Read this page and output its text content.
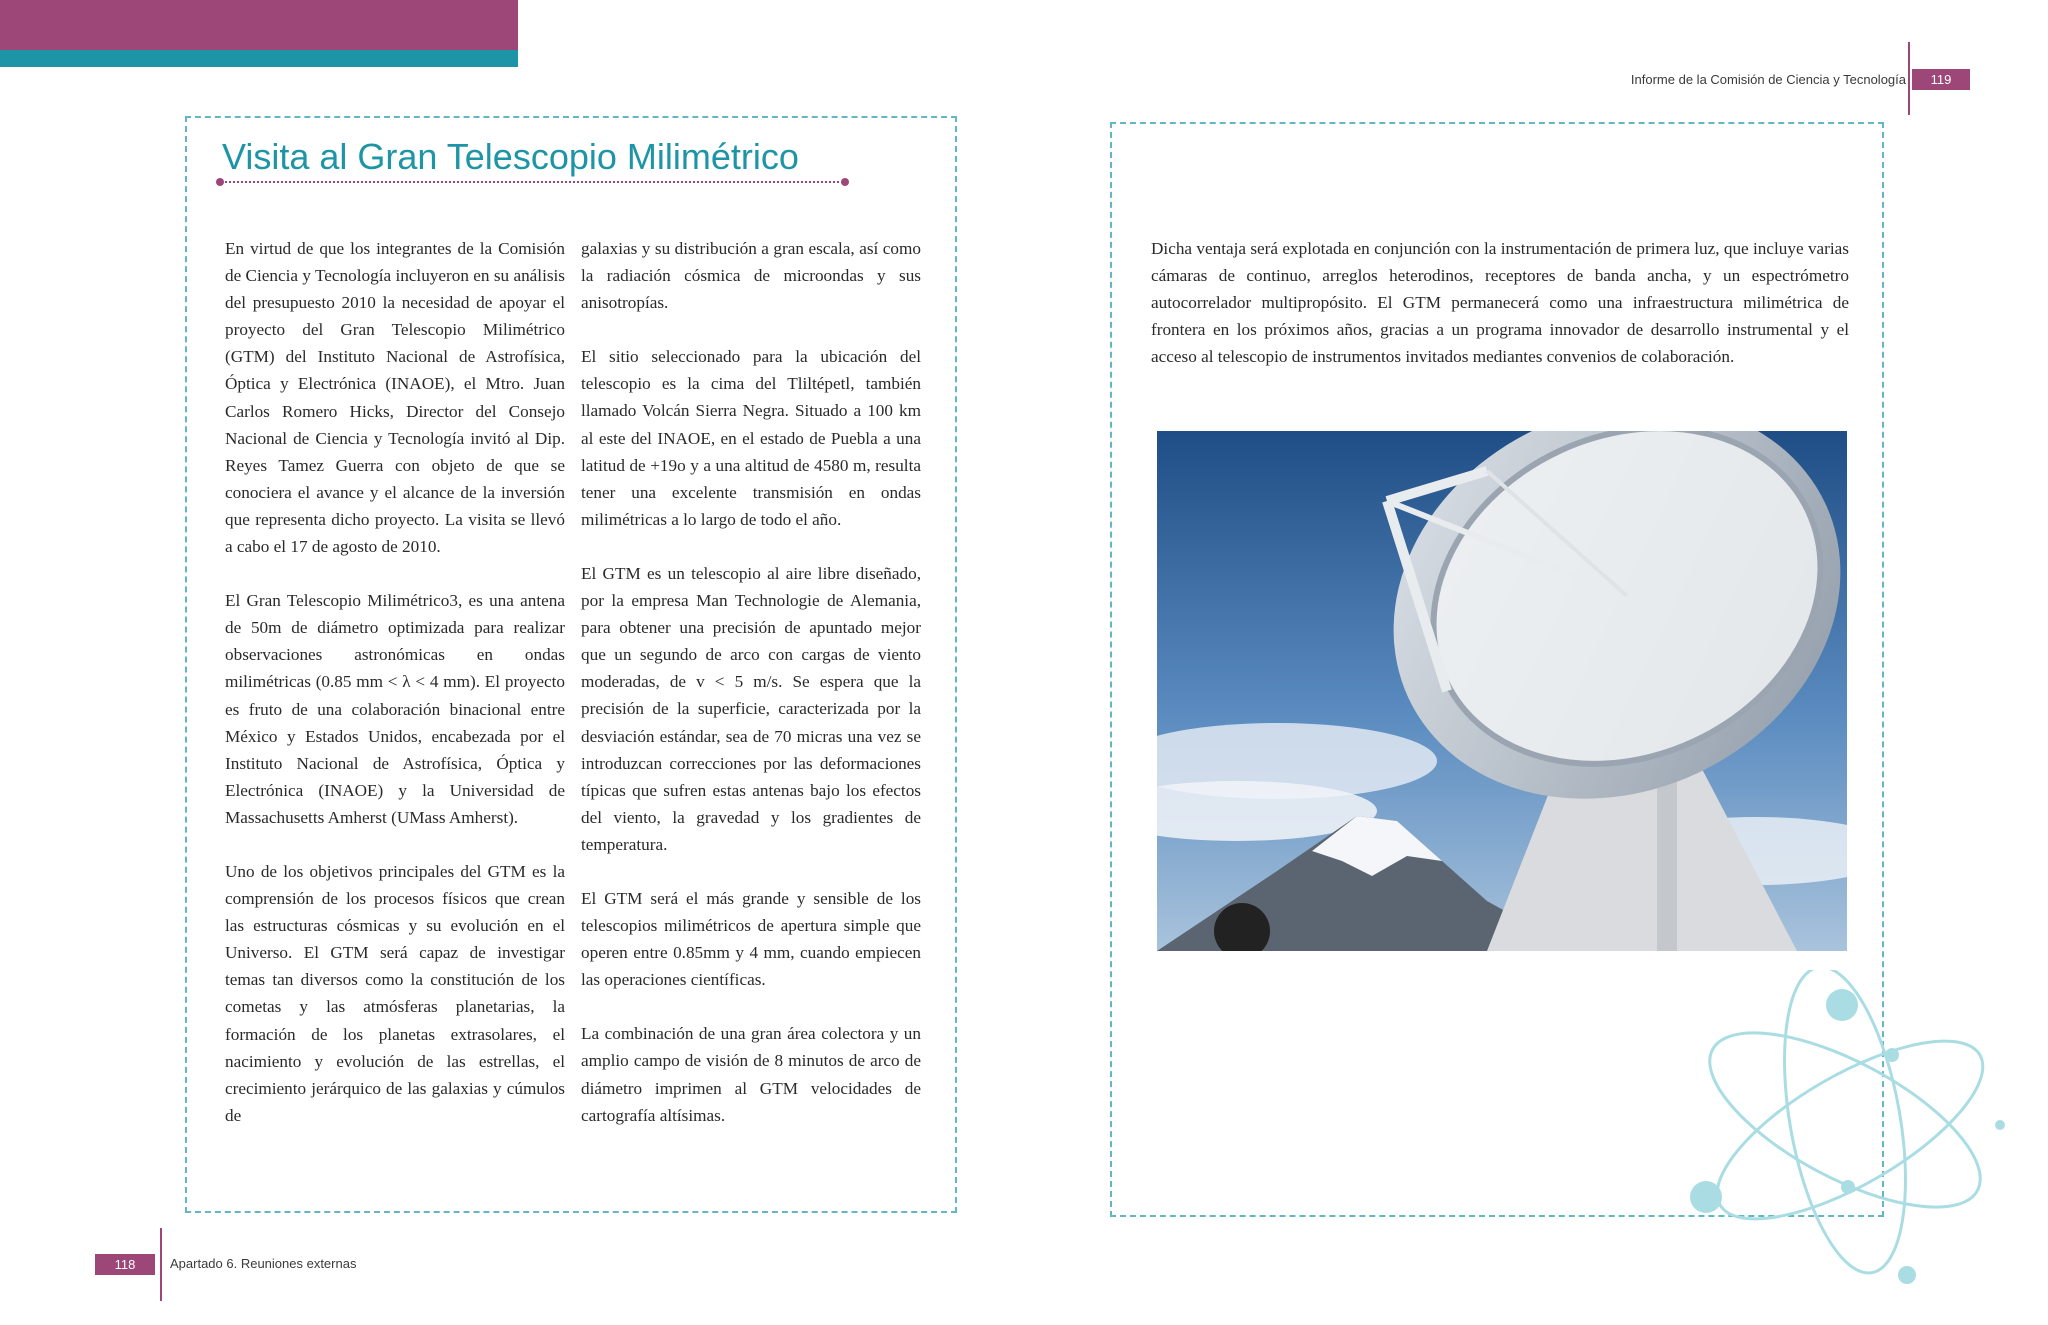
Informe de la Comisión de Ciencia y Tecnología	119
Visita al Gran Telescopio Milimétrico

En virtud de que los integrantes de la Comisión de Ciencia y Tecnología incluyeron en su análisis del presupuesto 2010 la necesidad de apoyar el proyecto del Gran Telescopio Milimétrico (GTM) del Instituto Nacional de Astrofísica, Óptica y Electrónica (INAOE), el Mtro. Juan Carlos Romero Hicks, Director del Consejo Nacional de Ciencia y Tecnología invitó al Dip. Reyes Tamez Guerra con objeto de que se conociera el avance y el alcance de la inversión que representa dicho proyecto. La visita se llevó a cabo el 17 de agosto de 2010.

El Gran Telescopio Milimétrico3, es una antena de 50m de diámetro optimizada para realizar observaciones astronómicas en ondas milimétricas (0.85 mm < λ < 4 mm). El proyecto es fruto de una colaboración binacional entre México y Estados Unidos, encabezada por el Instituto Nacional de Astrofísica, Óptica y Electrónica (INAOE) y la Universidad de Massachusetts Amherst (UMass Amherst).

Uno de los objetivos principales del GTM es la comprensión de los procesos físicos que crean las estructuras cósmicas y su evolución en el Universo. El GTM será capaz de investigar temas tan diversos como la constitución de los cometas y las atmósferas planetarias, la formación de los planetas extrasolares, el nacimiento y evolución de las estrellas, el crecimiento jerárquico de las galaxias y cúmulos de

galaxias y su distribución a gran escala, así como la radiación cósmica de microondas y sus anisotropías.

El sitio seleccionado para la ubicación del telescopio es la cima del Tliltépetl, también llamado Volcán Sierra Negra. Situado a 100 km al este del INAOE, en el estado de Puebla a una latitud de +19o y a una altitud de 4580 m, resulta tener una excelente transmisión en ondas milimétricas a lo largo de todo el año.

El GTM es un telescopio al aire libre diseñado, por la empresa Man Technologie de Alemania, para obtener una precisión de apuntado mejor que un segundo de arco con cargas de viento moderadas, de v < 5 m/s. Se espera que la precisión de la superficie, caracterizada por la desviación estándar, sea de 70 micras una vez se introduzcan correcciones por las deformaciones típicas que sufren estas antenas bajo los efectos del viento, la gravedad y los gradientes de temperatura.

El GTM será el más grande y sensible de los telescopios milimétricos de apertura simple que operen entre 0.85mm y 4 mm, cuando empiecen las operaciones científicas.

La combinación de una gran área colectora y un amplio campo de visión de 8 minutos de arco de diámetro imprimen al GTM velocidades de cartografía altísimas.

Dicha ventaja será explotada en conjunción con la instrumentación de primera luz, que incluye varias cámaras de continuo, arreglos heterodinos, receptores de banda ancha, y un espectrómetro autocorrelador multipropósito. El GTM permanecerá como una infraestructura milimétrica de frontera en los próximos años, gracias a un programa innovador de desarrollo instrumental y el acceso al telescopio de instrumentos invitados mediantes convenios de colaboración.

118	Apartado 6. Reuniones externas
